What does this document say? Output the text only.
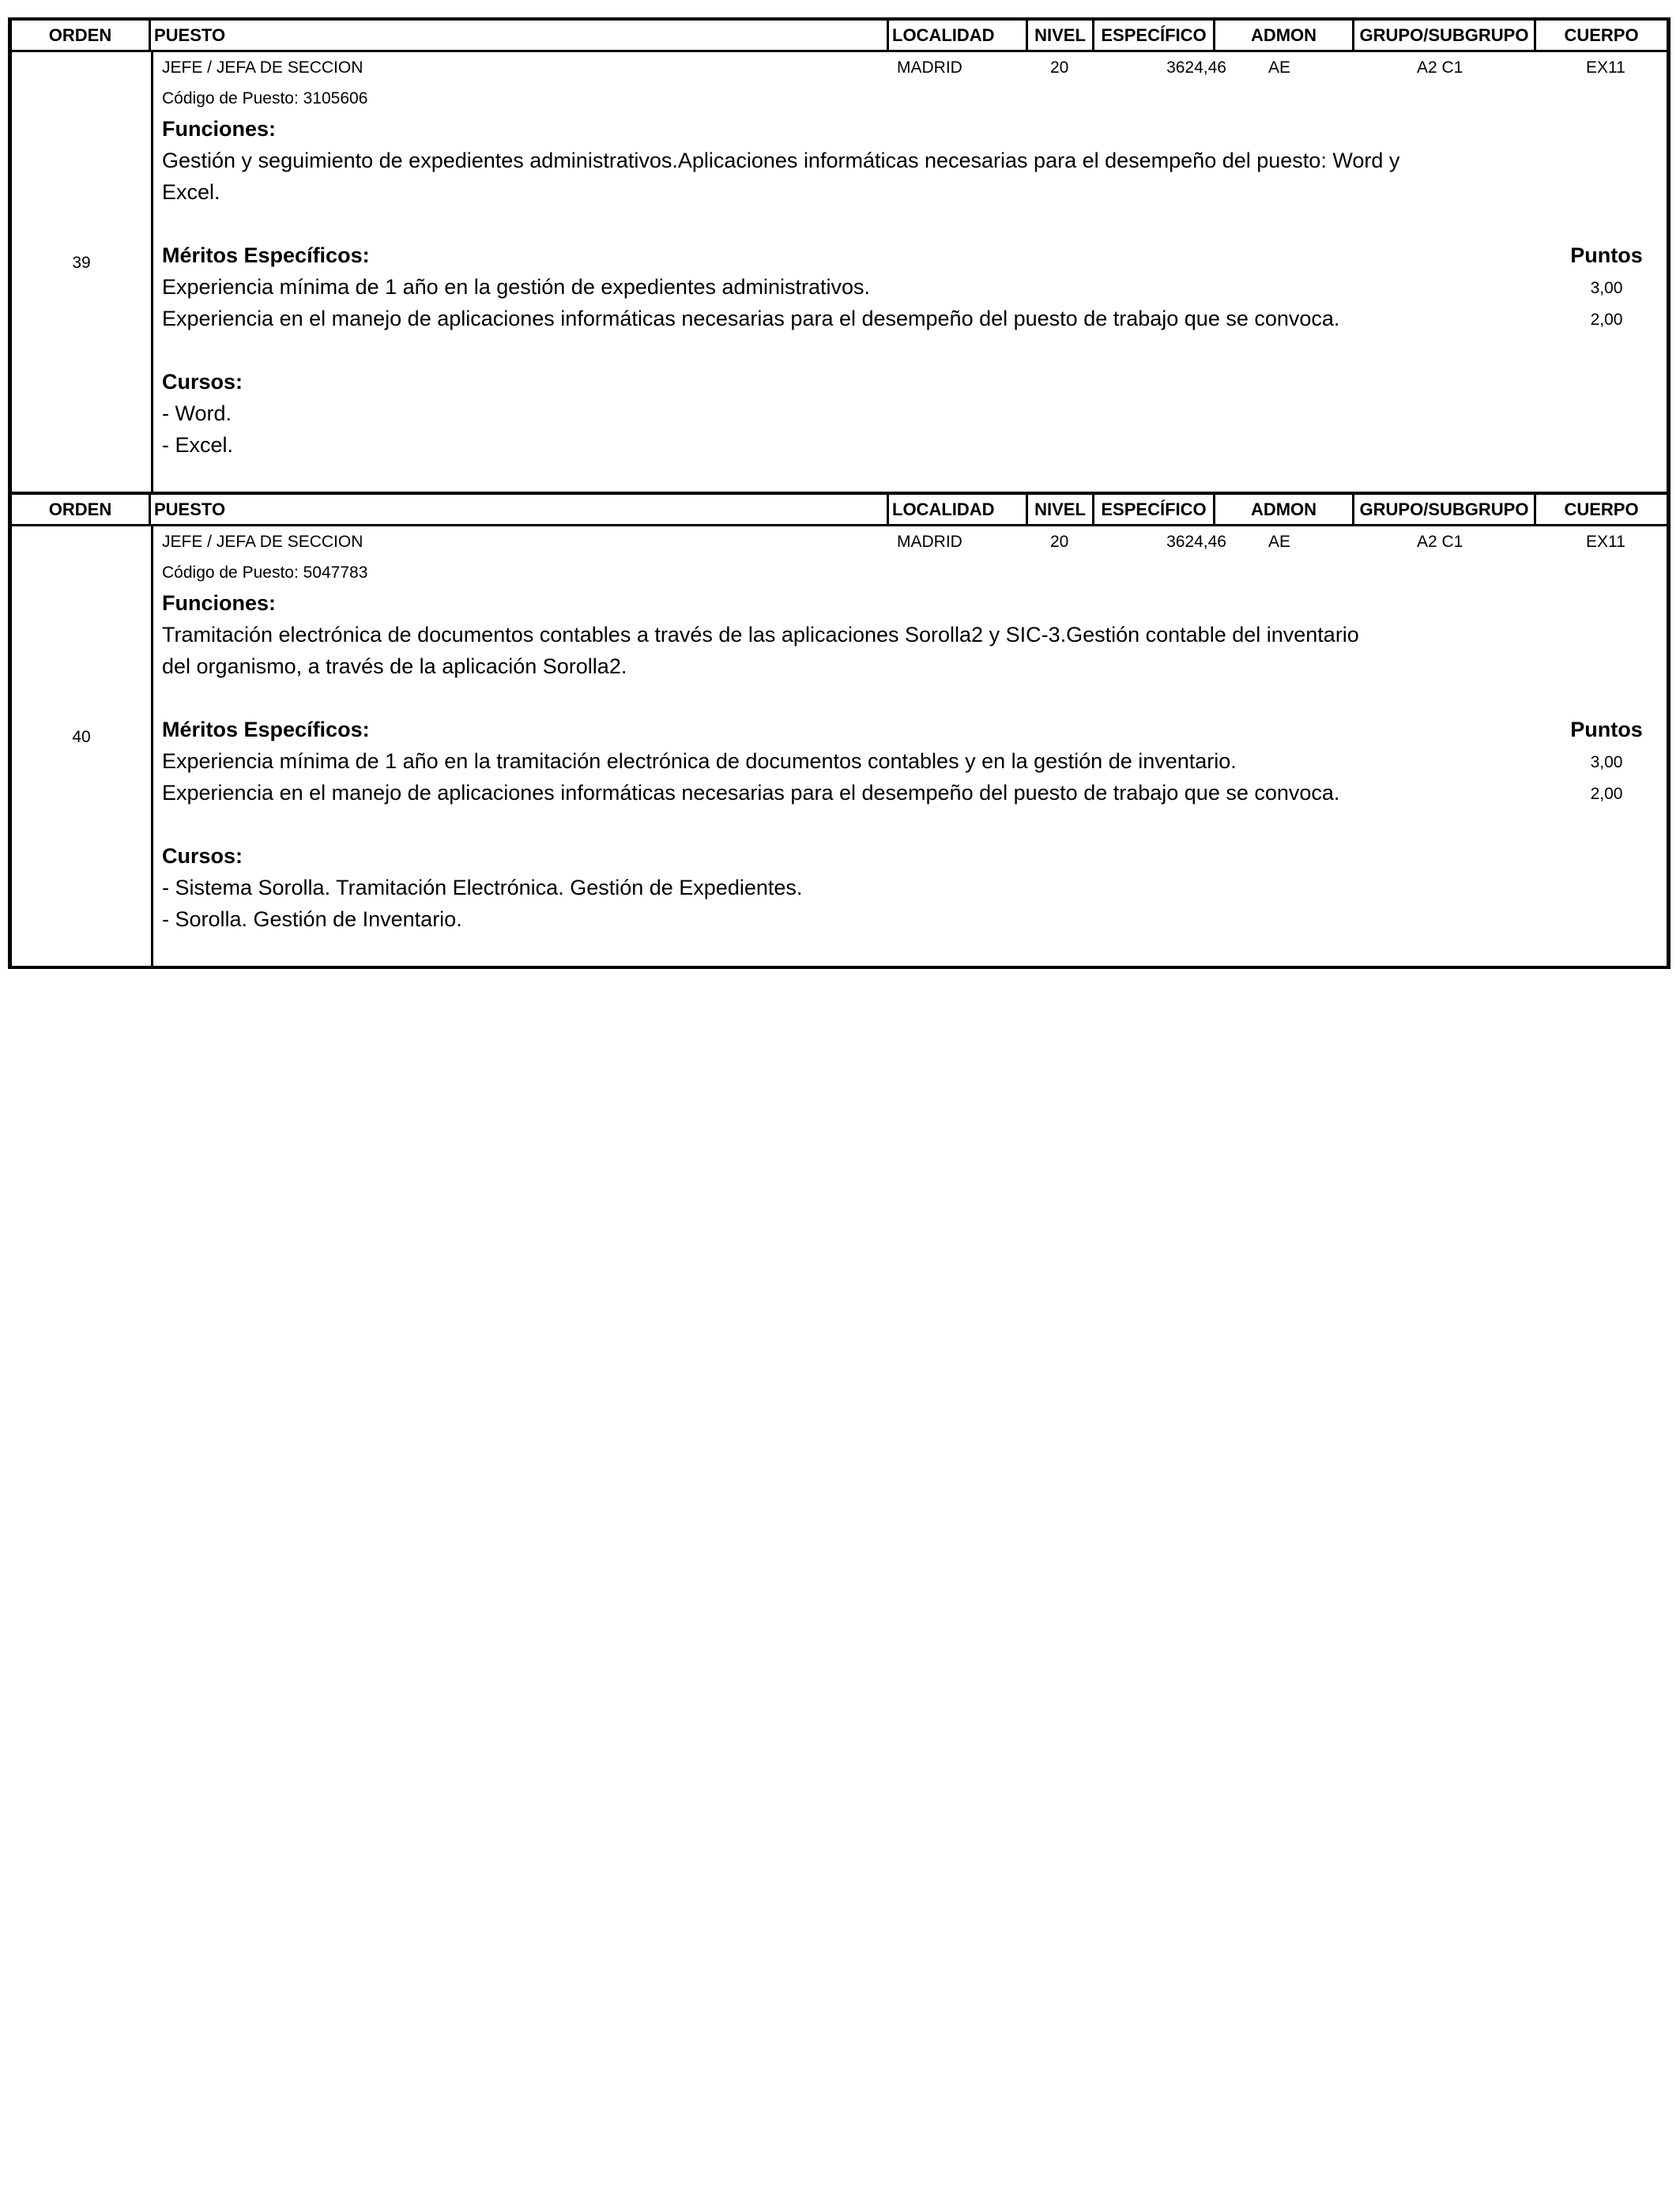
ORDEN	PUESTO	LOCALIDAD	NIVEL ESPECÍFICO	ADMON	GRUPO/SUBGRUPO	CUERPO
39
JEFE / JEFA DE SECCION	MADRID	20	3624,46	AE	A2 C1	EX11
Código de Puesto: 3105606
Funciones:
Gestión y seguimiento de expedientes administrativos.Aplicaciones informáticas necesarias para el desempeño del puesto: Word y
Excel.
Méritos Específicos:	Puntos
Experiencia mínima de 1 año en la gestión de expedientes administrativos.	3,00
Experiencia en el manejo de aplicaciones informáticas necesarias para el desempeño del puesto de trabajo que se convoca.	2,00
Cursos:
- Word.
- Excel.
ORDEN	PUESTO	LOCALIDAD	NIVEL ESPECÍFICO	ADMON	GRUPO/SUBGRUPO	CUERPO
40
JEFE / JEFA DE SECCION	MADRID	20	3624,46	AE	A2 C1	EX11
Código de Puesto: 5047783
Funciones:
Tramitación electrónica de documentos contables a través de las aplicaciones Sorolla2 y SIC-3.Gestión contable del inventario
del organismo, a través de la aplicación Sorolla2.
Méritos Específicos:	Puntos
Experiencia mínima de 1 año en la tramitación electrónica de documentos contables y en la gestión de inventario.	3,00
Experiencia en el manejo de aplicaciones informáticas necesarias para el desempeño del puesto de trabajo que se convoca.	2,00
Cursos:
- Sistema Sorolla. Tramitación Electrónica. Gestión de Expedientes.
- Sorolla. Gestión de Inventario.
